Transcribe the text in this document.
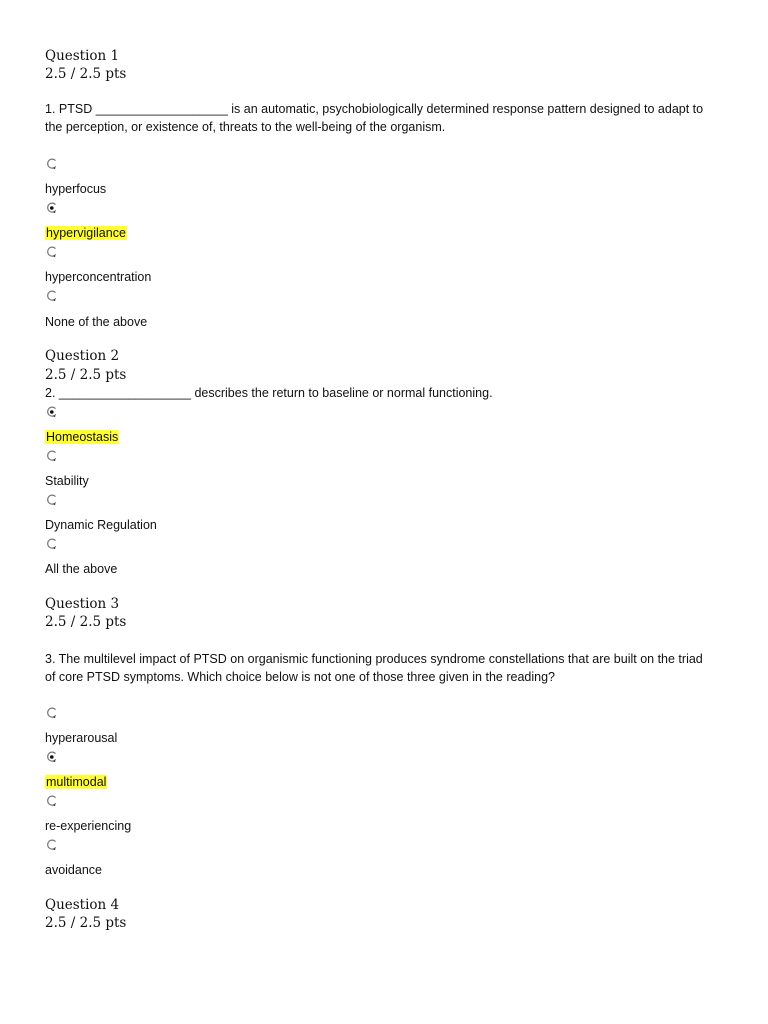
Question 1
2.5 / 2.5 pts
1. PTSD ___________________ is an automatic, psychobiologically determined response pattern designed to adapt to
the perception, or existence of, threats to the well-being of the organism.
hyperfocus
hypervigilance
hyperconcentration
None of the above
Question 2
2.5 / 2.5 pts
2. ___________________ describes the return to baseline or normal functioning.
Homeostasis
Stability
Dynamic Regulation
All the above
Question 3
2.5 / 2.5 pts
3. The multilevel impact of PTSD on organismic functioning produces syndrome constellations that are built on the triad
of core PTSD symptoms. Which choice below is not one of those three given in the reading?
hyperarousal
multimodal
re-experiencing
avoidance
Question 4
2.5 / 2.5 pts
